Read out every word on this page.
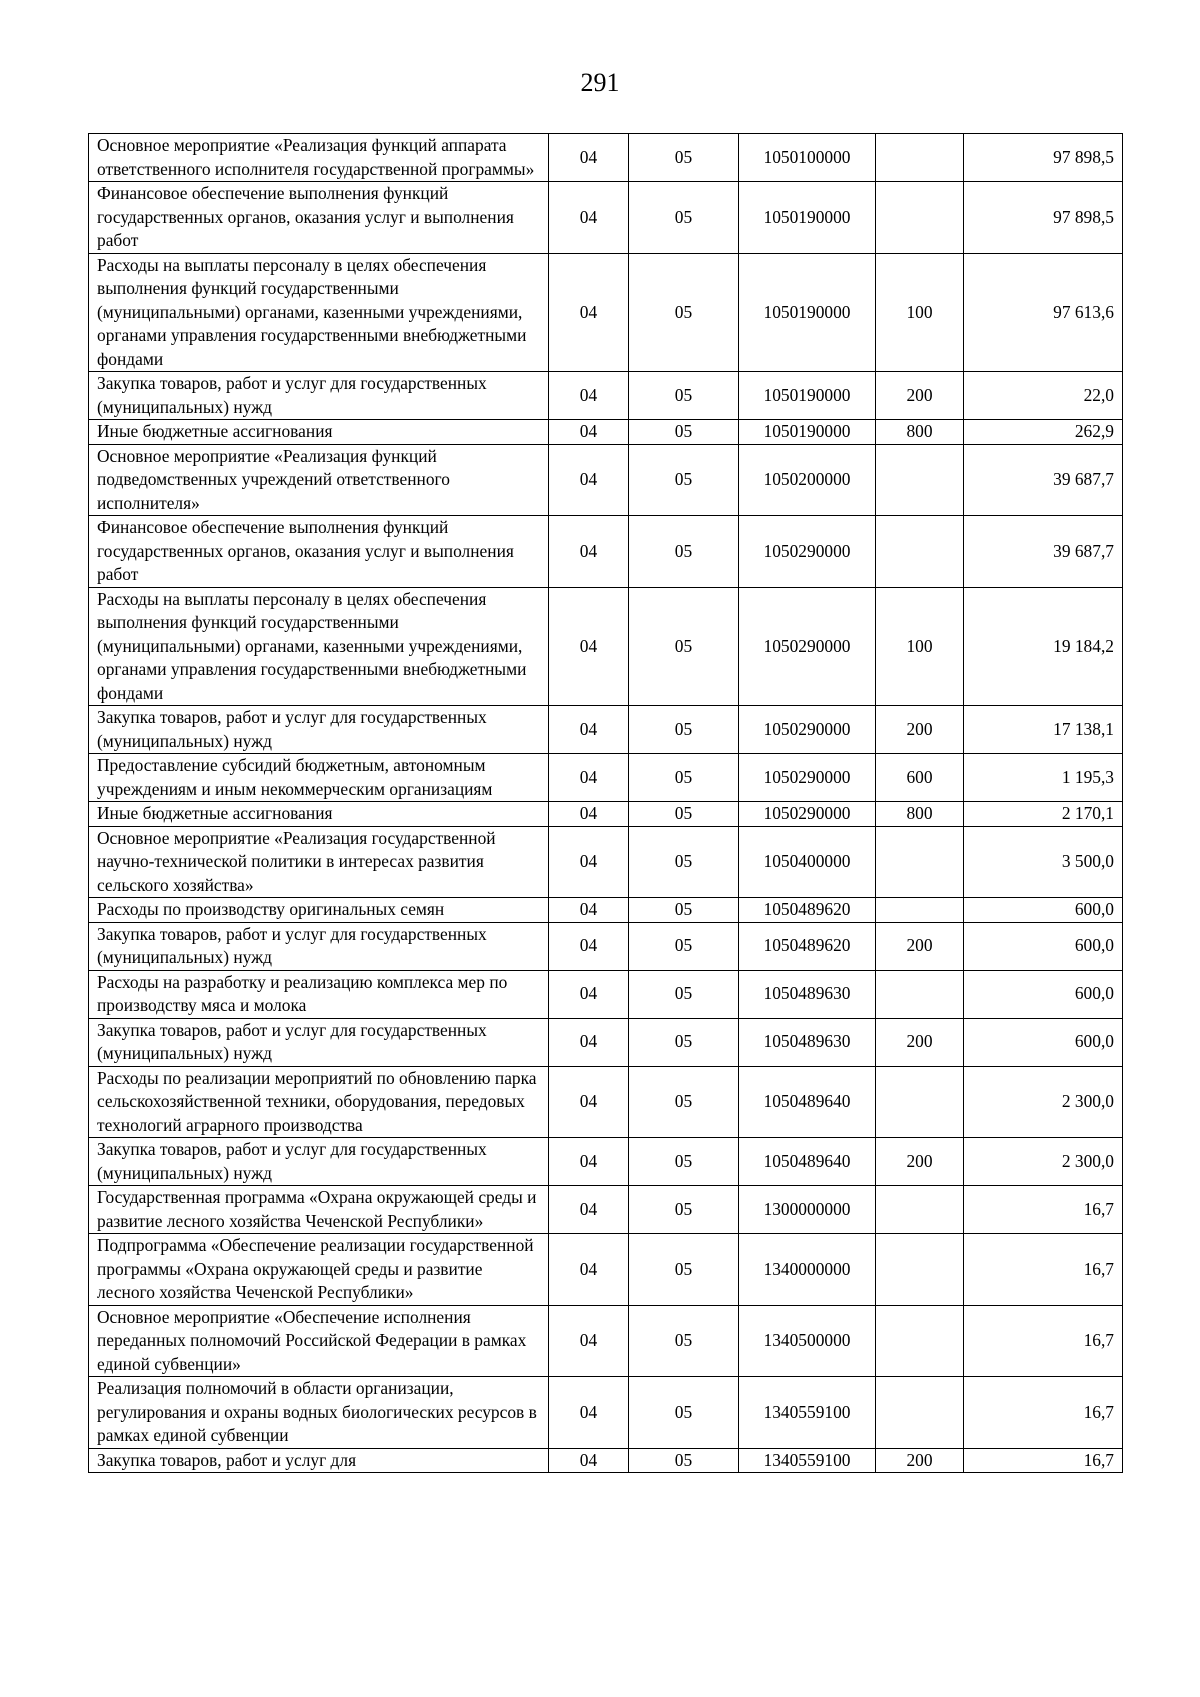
291
Основное мероприятие «Реализация функций аппарата ответственного исполнителя государственной программы»	04	05	1050100000		97 898,5
Финансовое обеспечение выполнения функций государственных органов, оказания услуг и выполнения работ	04	05	1050190000		97 898,5
Расходы на выплаты персоналу в целях обеспечения выполнения функций государственными (муниципальными) органами, казенными учреждениями, органами управления государственными внебюджетными фондами	04	05	1050190000	100	97 613,6
Закупка товаров, работ и услуг для государственных (муниципальных) нужд	04	05	1050190000	200	22,0
Иные бюджетные ассигнования	04	05	1050190000	800	262,9
Основное мероприятие «Реализация функций подведомственных учреждений ответственного исполнителя»	04	05	1050200000		39 687,7
Финансовое обеспечение выполнения функций государственных органов, оказания услуг и выполнения работ	04	05	1050290000		39 687,7
Расходы на выплаты персоналу в целях обеспечения выполнения функций государственными (муниципальными) органами, казенными учреждениями, органами управления государственными внебюджетными фондами	04	05	1050290000	100	19 184,2
Закупка товаров, работ и услуг для государственных (муниципальных) нужд	04	05	1050290000	200	17 138,1
Предоставление субсидий бюджетным, автономным учреждениям и иным некоммерческим организациям	04	05	1050290000	600	1 195,3
Иные бюджетные ассигнования	04	05	1050290000	800	2 170,1
Основное мероприятие «Реализация государственной научно-технической политики в интересах развития сельского хозяйства»	04	05	1050400000		3 500,0
Расходы по производству оригинальных семян	04	05	1050489620		600,0
Закупка товаров, работ и услуг для государственных (муниципальных) нужд	04	05	1050489620	200	600,0
Расходы на разработку и реализацию комплекса мер по производству мяса и молока	04	05	1050489630		600,0
Закупка товаров, работ и услуг для государственных (муниципальных) нужд	04	05	1050489630	200	600,0
Расходы по реализации мероприятий по обновлению парка сельскохозяйственной техники, оборудования, передовых технологий аграрного производства	04	05	1050489640		2 300,0
Закупка товаров, работ и услуг для государственных (муниципальных) нужд	04	05	1050489640	200	2 300,0
Государственная программа «Охрана окружающей среды и развитие лесного хозяйства Чеченской Республики»	04	05	1300000000		16,7
Подпрограмма «Обеспечение реализации государственной программы «Охрана окружающей среды и развитие лесного хозяйства Чеченской Республики»	04	05	1340000000		16,7
Основное мероприятие «Обеспечение исполнения переданных полномочий Российской Федерации в рамках единой субвенции»	04	05	1340500000		16,7
Реализация полномочий в области организации, регулирования и охраны водных биологических ресурсов в рамках единой субвенции	04	05	1340559100		16,7
Закупка товаров, работ и услуг для	04	05	1340559100	200	16,7
